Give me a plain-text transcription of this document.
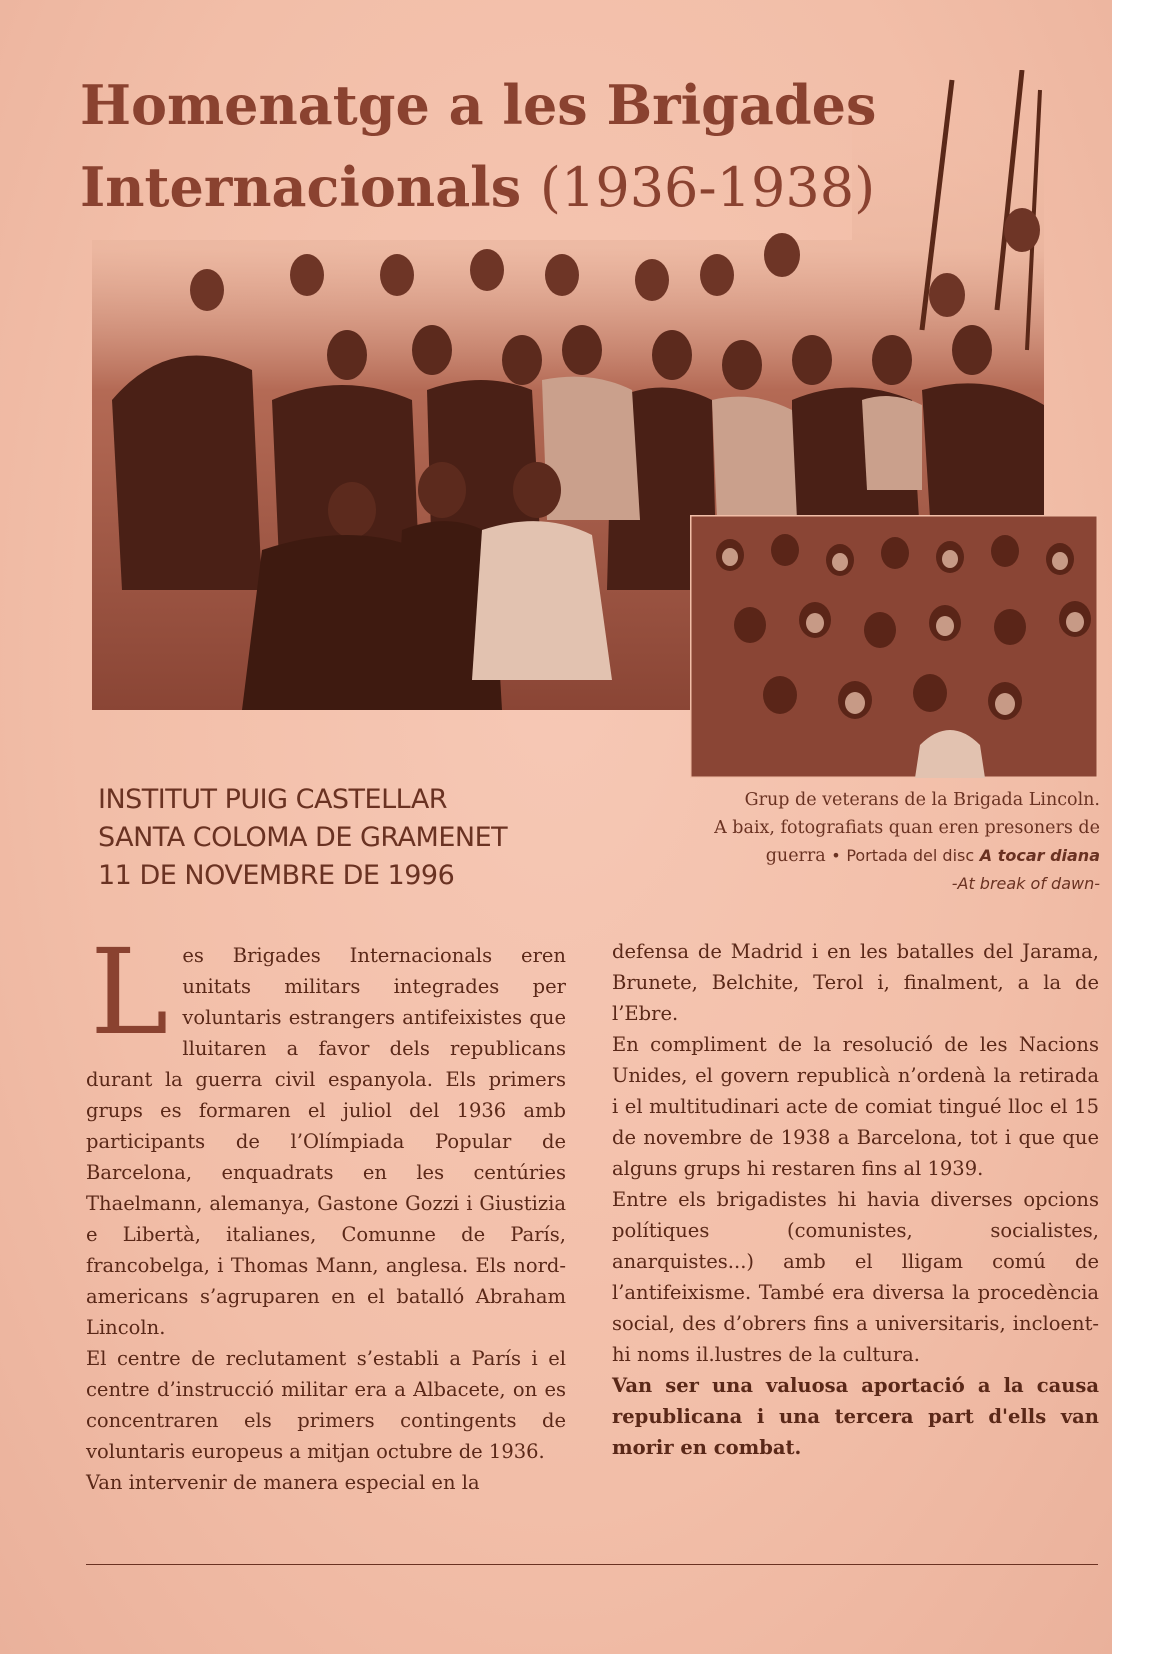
Homenatge a les Brigades
Internacionals (1936-1938)
INSTITUT PUIG CASTELLAR
SANTA COLOMA DE GRAMENET
11 DE NOVEMBRE DE 1996
Grup de veterans de la Brigada Lincoln.
A baix, fotografiats quan eren presoners de
guerra • Portada del disc A tocar diana
-At break of dawn-

Les Brigades Internacionals eren unitats militars integrades per voluntaris estrangers antifeixistes que lluitaren a favor dels republicans durant la guerra civil espanyola. Els primers grups es formaren el juliol del 1936 amb participants de l’Olímpiada Popular de Barcelona, enquadrats en les centúries Thaelmann, alemanya, Gastone Gozzi i Giustizia e Libertà, italianes, Comunne de París, francobelga, i Thomas Mann, anglesa. Els nord-americans s’agruparen en el batalló Abraham Lincoln.

El centre de reclutament s’establi a París i el centre d’instrucció militar era a Albacete, on es concentraren els primers contingents de voluntaris europeus a mitjan octubre de 1936.

Van intervenir de manera especial en la

defensa de Madrid i en les batalles del Jarama, Brunete, Belchite, Terol i, finalment, a la de l’Ebre.

En compliment de la resolució de les Nacions Unides, el govern republicà n’ordenà la retirada i el multitudinari acte de comiat tingué lloc el 15 de novembre de 1938 a Barcelona, tot i que que alguns grups hi restaren fins al 1939.

Entre els brigadistes hi havia diverses opcions polítiques (comunistes, socialistes, anarquistes...) amb el lligam comú de l’antifeixisme. També era diversa la procedència social, des d’obrers fins a universitaris, incloent-hi noms il.lustres de la cultura.

Van ser una valuosa aportació a la causa republicana i una tercera part d'ells van morir en combat.
